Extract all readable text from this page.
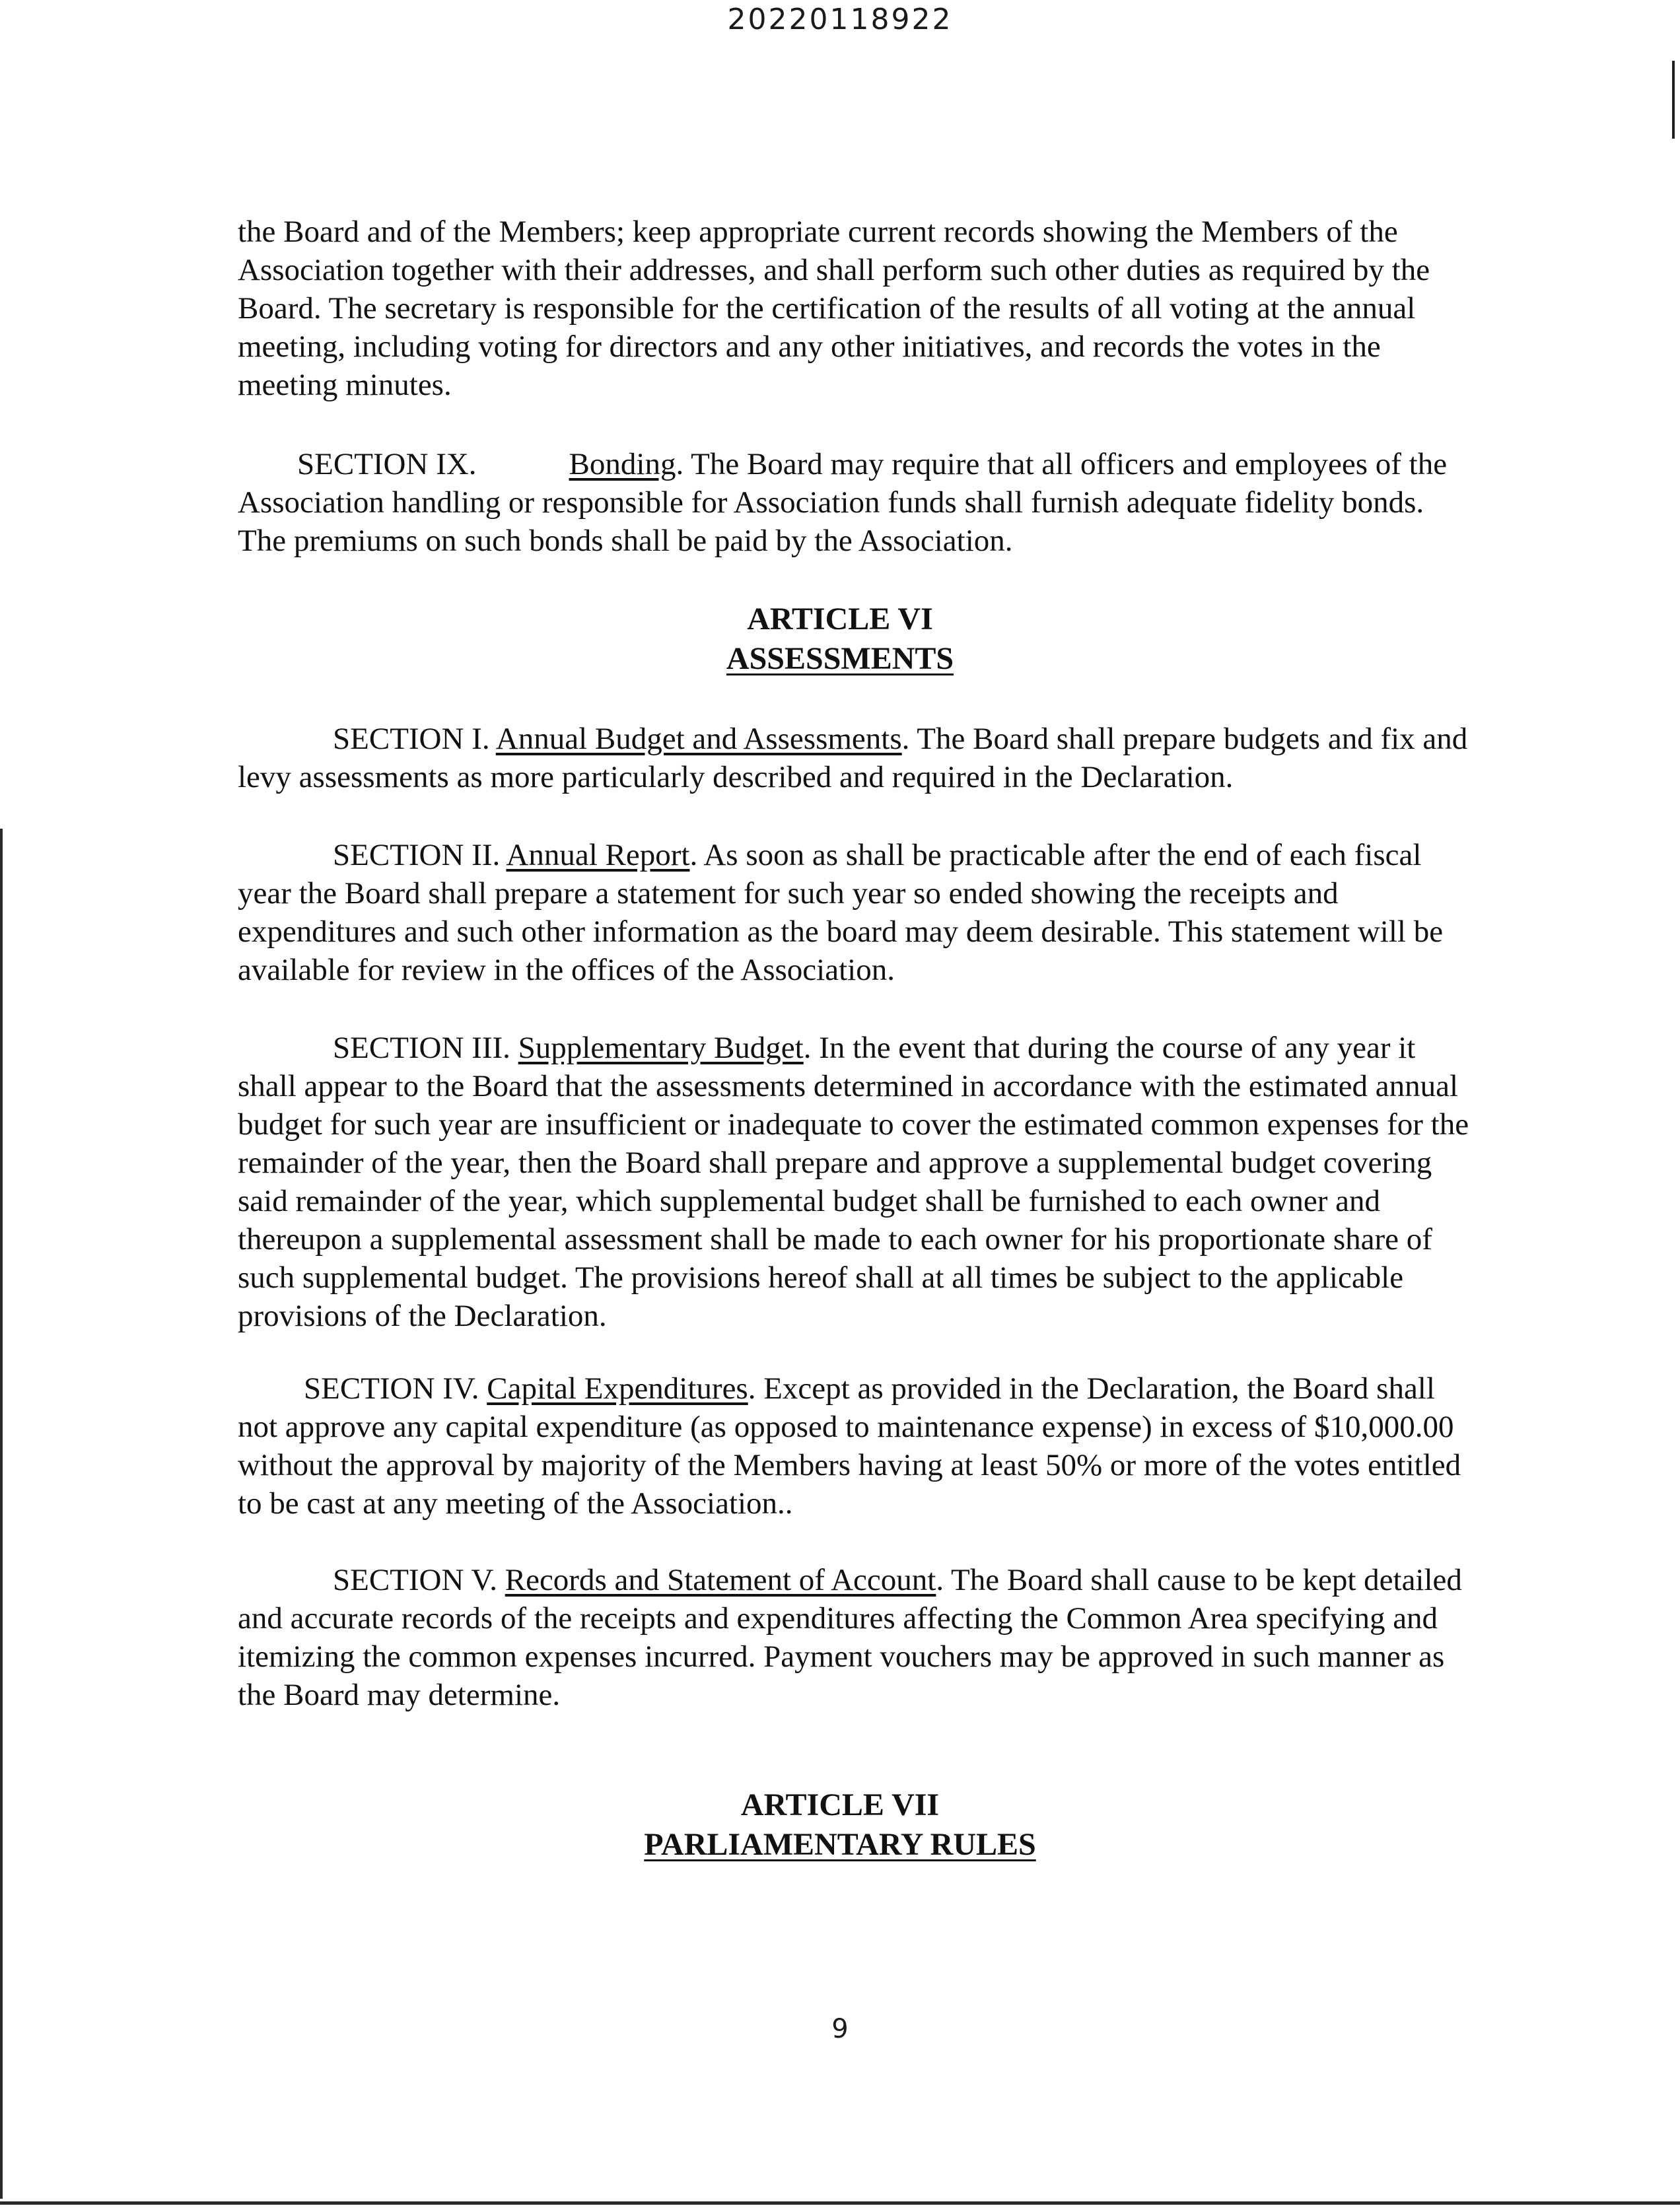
20220118922

the Board and of the Members; keep appropriate current records showing the Members of the Association together with their addresses, and shall perform such other duties as required by the Board. The secretary is responsible for the certification of the results of all voting at the annual meeting, including voting for directors and any other initiatives, and records the votes in the meeting minutes.

SECTION IX.	Bonding. The Board may require that all officers and employees of the Association handling or responsible for Association funds shall furnish adequate fidelity bonds. The premiums on such bonds shall be paid by the Association.

ARTICLE VI
ASSESSMENTS

SECTION I. Annual Budget and Assessments. The Board shall prepare budgets and fix and levy assessments as more particularly described and required in the Declaration.

SECTION II. Annual Report. As soon as shall be practicable after the end of each fiscal year the Board shall prepare a statement for such year so ended showing the receipts and expenditures and such other information as the board may deem desirable. This statement will be available for review in the offices of the Association.

SECTION III. Supplementary Budget. In the event that during the course of any year it shall appear to the Board that the assessments determined in accordance with the estimated annual budget for such year are insufficient or inadequate to cover the estimated common expenses for the remainder of the year, then the Board shall prepare and approve a supplemental budget covering said remainder of the year, which supplemental budget shall be furnished to each owner and thereupon a supplemental assessment shall be made to each owner for his proportionate share of such supplemental budget. The provisions hereof shall at all times be subject to the applicable provisions of the Declaration.

SECTION IV. Capital Expenditures. Except as provided in the Declaration, the Board shall not approve any capital expenditure (as opposed to maintenance expense) in excess of $10,000.00 without the approval by majority of the Members having at least 50% or more of the votes entitled to be cast at any meeting of the Association..

SECTION V. Records and Statement of Account. The Board shall cause to be kept detailed and accurate records of the receipts and expenditures affecting the Common Area specifying and itemizing the common expenses incurred. Payment vouchers may be approved in such manner as the Board may determine.

ARTICLE VII
PARLIAMENTARY RULES
9
